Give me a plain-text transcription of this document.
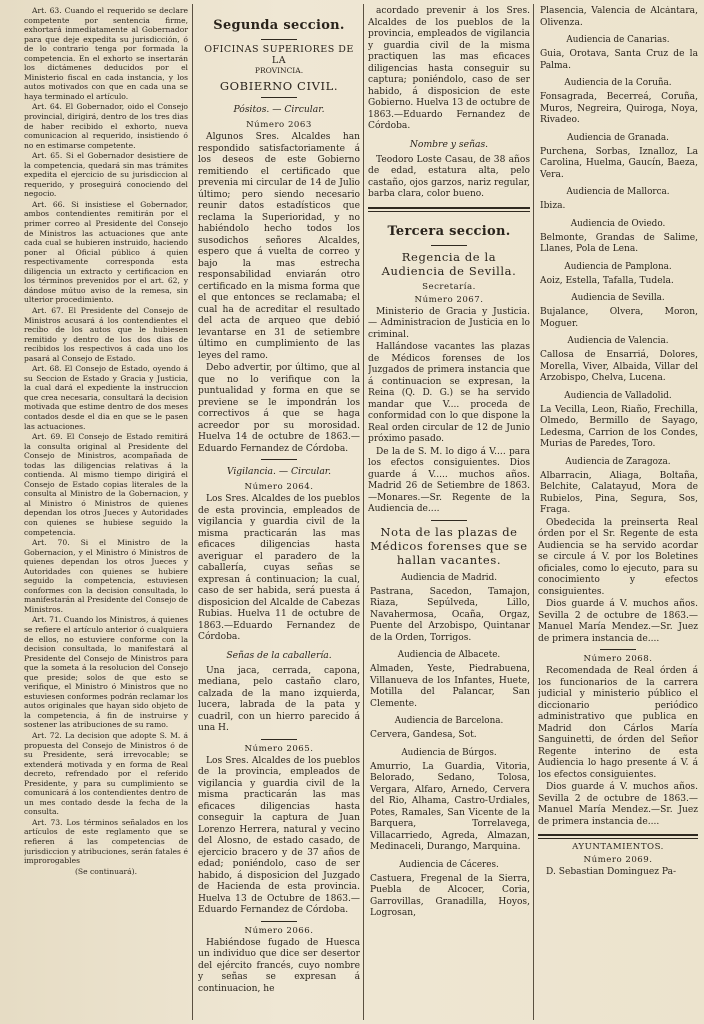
Art. 63. Cuando el requerido se declare competente por sentencia firme, exhortará inmediatamente al Gobernador para que deje expedita su jurisdicción, ó de lo contrario tenga por formada la competencia. En el exhorto se insertarán los dictámenes deducidos por el Ministerio fiscal en cada instancia, y los autos motivados con que en cada una se haya terminado el artículo.

Art. 64. El Gobernador, oido el Consejo provincial, dirigirá, dentro de los tres dias de haber recibido el exhorto, nueva comunicacion al requerido, insistiendo ó no en estimarse competente.

Art. 65. Si el Gobernador desistiere de la competencia, quedará sin mas trámites expedita el ejercicio de su jurisdiccion al requerido, y proseguirá conociendo del negocio.

Art. 66. Si insistiese el Gobernador, ambos contendientes remitirán por el primer correo al Presidente del Consejo de Ministros las actuaciones que ante cada cual se hubieren instruido, haciendo poner al Oficial público á quien respectivamente corresponda esta diligencia un extracto y certificacion en los términos prevenidos por el art. 62, y dándose mútuo aviso de la remesa, sin ulterior procedimiento.

Art. 67. El Presidente del Consejo de Ministros acusará á los contendientes el recibo de los autos que le hubiesen remitido y dentro de los dos dias de recibidos los respectivos á cada uno los pasará al Consejo de Estado.

Art. 68. El Consejo de Estado, oyendo á su Seccion de Estado y Gracia y Justicia, la cual dará el expediente la instruccion que crea necesaria, consultará la decision motivada que estime dentro de dos meses contados desde el dia en que se le pasen las actuaciones.

Art. 69. El Consejo de Estado remitirá la consulta original al Presidente del Consejo de Ministros, acompañada de todas las diligencias relativas á la contienda. Al mismo tiempo dirigirá el Consejo de Estado copias literales de la consulta al Ministro de la Gobernacion, y al Ministro ó Ministros de quienes dependan los otros Jueces y Autoridades con quienes se hubiese seguido la competencia.

Art. 70. Si el Ministro de la Gobernacion, y el Ministro ó Ministros de quienes dependan los otros Jueces y Autoridades con quienes se hubiere seguido la competencia, estuviesen conformes con la decision consultada, lo manifestarán al Presidente del Consejo de Ministros.

Art. 71. Cuando los Ministros, á quienes se refiere el artículo anterior ó cualquiera de ellos, no estuviere conforme con la decision consultada, lo manifestará al Presidente del Consejo de Ministros para que la someta á la resolucion del Consejo que preside; solos de que esto se verifique, el Ministro ó Ministros que no estuviesen conformes podrán reclamar los autos originales que hayan sido objeto de la competencia, á fin de instruirse y sostener las atribuciones de su ramo.

Art. 72. La decision que adopte S. M. á propuesta del Consejo de Ministros ó de su Presidente, será irrevocable; se extenderá motivada y en forma de Real decreto, refrendado por el referido Presidente, y para su cumplimiento se comunicará á los contendientes dentro de un mes contado desde la fecha de la consulta.

Art. 73. Los términos señalados en los artículos de este reglamento que se refieren á las competencias de jurisdiccion y atribuciones, serán fatales é improrogables

(Se continuará).

Segunda seccion.
OFICINAS SUPERIORES DE LA
PROVINCIA.
GOBIERNO CIVIL.
Pósitos. — Circular.
Número 2063

Algunos Sres. Alcaldes han respondido satisfactoriamente á los deseos de este Gobierno remitiendo el certificado que prevenia mi circular de 14 de Julio último; pero siendo necesario reunir datos estadísticos que reclama la Superioridad, y no habiéndolo hecho todos los susodichos señores Alcaldes, espero que á vuelta de correo y bajo la mas estrecha responsabilidad enviarán otro certificado en la misma forma que el que entonces se reclamaba; el cual ha de acreditar el resultado del acta de arqueo que debió levantarse en 31 de setiembre último en cumplimiento de las leyes del ramo.

Debo advertir, por último, que al que no lo verifique con la puntualidad y forma en que se previene se le impondrán los correctivos á que se haga acreedor por su morosidad. Huelva 14 de octubre de 1863.—Eduardo Fernandez de Córdoba.

Vigilancia. — Circular.
Número 2064.

Los Sres. Alcaldes de los pueblos de esta provincia, empleados de vigilancia y guardia civil de la misma practicarán las mas eficaces diligencias hasta averiguar el paradero de la caballería, cuyas señas se expresan á continuacion; la cual, caso de ser habida, será puesta á disposicion del Alcalde de Cabezas Rubias. Huelva 11 de octubre de 1863.—Eduardo Fernandez de Córdoba.

Señas de la caballería.

Una jaca, cerrada, capona, mediana, pelo castaño claro, calzada de la mano izquierda, lucera, labrada de la pata y cuadril, con un hierro parecido á una H.

Número 2065.

Los Sres. Alcaldes de los pueblos de la provincia, empleados de vigilancia y guardia civil de la misma practicarán las mas eficaces diligencias hasta conseguir la captura de Juan Lorenzo Herrera, natural y vecino del Alosno, de estado casado, de ejercicio bracero y de 37 años de edad; poniéndolo, caso de ser habido, á disposicion del Juzgado de Hacienda de esta provincia. Huelva 13 de Octubre de 1863.—Eduardo Fernandez de Córdoba.

Número 2066.

Habiéndose fugado de Huesca un individuo que dice ser desertor del ejército francés, cuyo nombre y señas se expresan á continuacion, he

acordado prevenir á los Sres. Alcaldes de los pueblos de la provincia, empleados de vigilancia y guardia civil de la misma practiquen las mas eficaces diligencias hasta conseguir su captura; poniéndolo, caso de ser habido, á disposicion de este Gobierno. Huelva 13 de octubre de 1863.—Eduardo Fernandez de Córdoba.

Nombre y señas.

Teodoro Loste Casau, de 38 años de edad, estatura alta, pelo castaño, ojos garzos, nariz regular, barba clara, color bueno.

Tercera seccion.
Regencia de la Audiencia de Sevilla.
Secretaría.
Número 2067.

Ministerio de Gracia y Justicia. — Administracion de Justicia en lo criminal.

Hallándose vacantes las plazas de Médicos forenses de los Juzgados de primera instancia que á continuacion se expresan, la Reina (Q. D. G.) se ha servido mandar que V.... proceda de conformidad con lo que dispone la Real orden circular de 12 de Junio próximo pasado.

De la de S. M. lo digo á V.... para los efectos consiguientes. Dios guarde á V..... muchos años. Madrid 26 de Setiembre de 1863.—Monares.—Sr. Regente de la Audiencia de....

Nota de las plazas de Médicos forenses que se hallan vacantes.
Audiencia de Madrid.

Pastrana, Sacedon, Tamajon, Riaza, Sepúlveda, Lillo, Navahermosa, Ocaña, Orgaz, Puente del Arzobispo, Quintanar de la Orden, Torrigos.

Audiencia de Albacete.

Almaden, Yeste, Piedrabuena, Villanueva de los Infantes, Huete, Motilla del Palancar, San Clemente.

Audiencia de Barcelona.

Cervera, Gandesa, Sot.

Audiencia de Búrgos.

Amurrio, La Guardia, Vitoria, Belorado, Sedano, Tolosa, Vergara, Alfaro, Arnedo, Cervera del Rio, Alhama, Castro-Urdiales, Potes, Ramales, San Vicente de la Barquera, Torrelavega, Villacarriedo, Agreda, Almazan, Medinaceli, Durango, Marquina.

Audiencia de Cáceres.

Castuera, Fregenal de la Sierra, Puebla de Alcocer, Coria, Garrovillas, Granadilla, Hoyos, Logrosan,

Plasencia, Valencia de Alcántara, Olivenza.

Audiencia de Canarias.

Guia, Orotava, Santa Cruz de la Palma.

Audiencia de la Coruña.

Fonsagrada, Becerreá, Coruña, Muros, Negreira, Quiroga, Noya, Rivadeo.

Audiencia de Granada.

Purchena, Sorbas, Iznalloz, La Carolina, Huelma, Gaucín, Baeza, Vera.

Audiencia de Mallorca.

Ibiza.

Audiencia de Oviedo.

Belmonte, Grandas de Salime, Llanes, Pola de Lena.

Audiencia de Pamplona.

Aoiz, Estella, Tafalla, Tudela.

Audiencia de Sevilla.

Bujalance, Olvera, Moron, Moguer.

Audiencia de Valencia.

Callosa de Ensarriá, Dolores, Morella, Viver, Albaida, Villar del Arzobispo, Chelva, Lucena.

Audiencia de Valladolid.

La Vecilla, Leon, Riaño, Frechilla, Olmedo, Bermillo de Sayago, Ledesma, Carrion de los Condes, Murias de Paredes, Toro.

Audiencia de Zaragoza.

Albarracin, Aliaga, Boltaña, Belchite, Calatayud, Mora de Rubielos, Pina, Segura, Sos, Fraga.

Obedecida la preinserta Real órden por el Sr. Regente de esta Audiencia se ha servido acordar se circule á V. por los Boletines oficiales, como lo ejecuto, para su conocimiento y efectos consiguientes.

Dios guarde á V. muchos años. Sevilla 2 de octubre de 1863.—Manuel María Mendez.—Sr. Juez de primera instancia de....

Número 2068.

Recomendada de Real órden á los funcionarios de la carrera judicial y ministerio público el diccionario periódico administrativo que publica en Madrid don Cárlos María Sanguinetti, de órden del Señor Regente interino de esta Audiencia lo hago presente á V. á los efectos consiguientes.

Dios guarde á V. muchos años. Sevilla 2 de octubre de 1863.—Manuel María Mendez.—Sr. Juez de primera instancia de....

AYUNTAMIENTOS.
Número 2069.

D. Sebastian Dominguez Pa-
